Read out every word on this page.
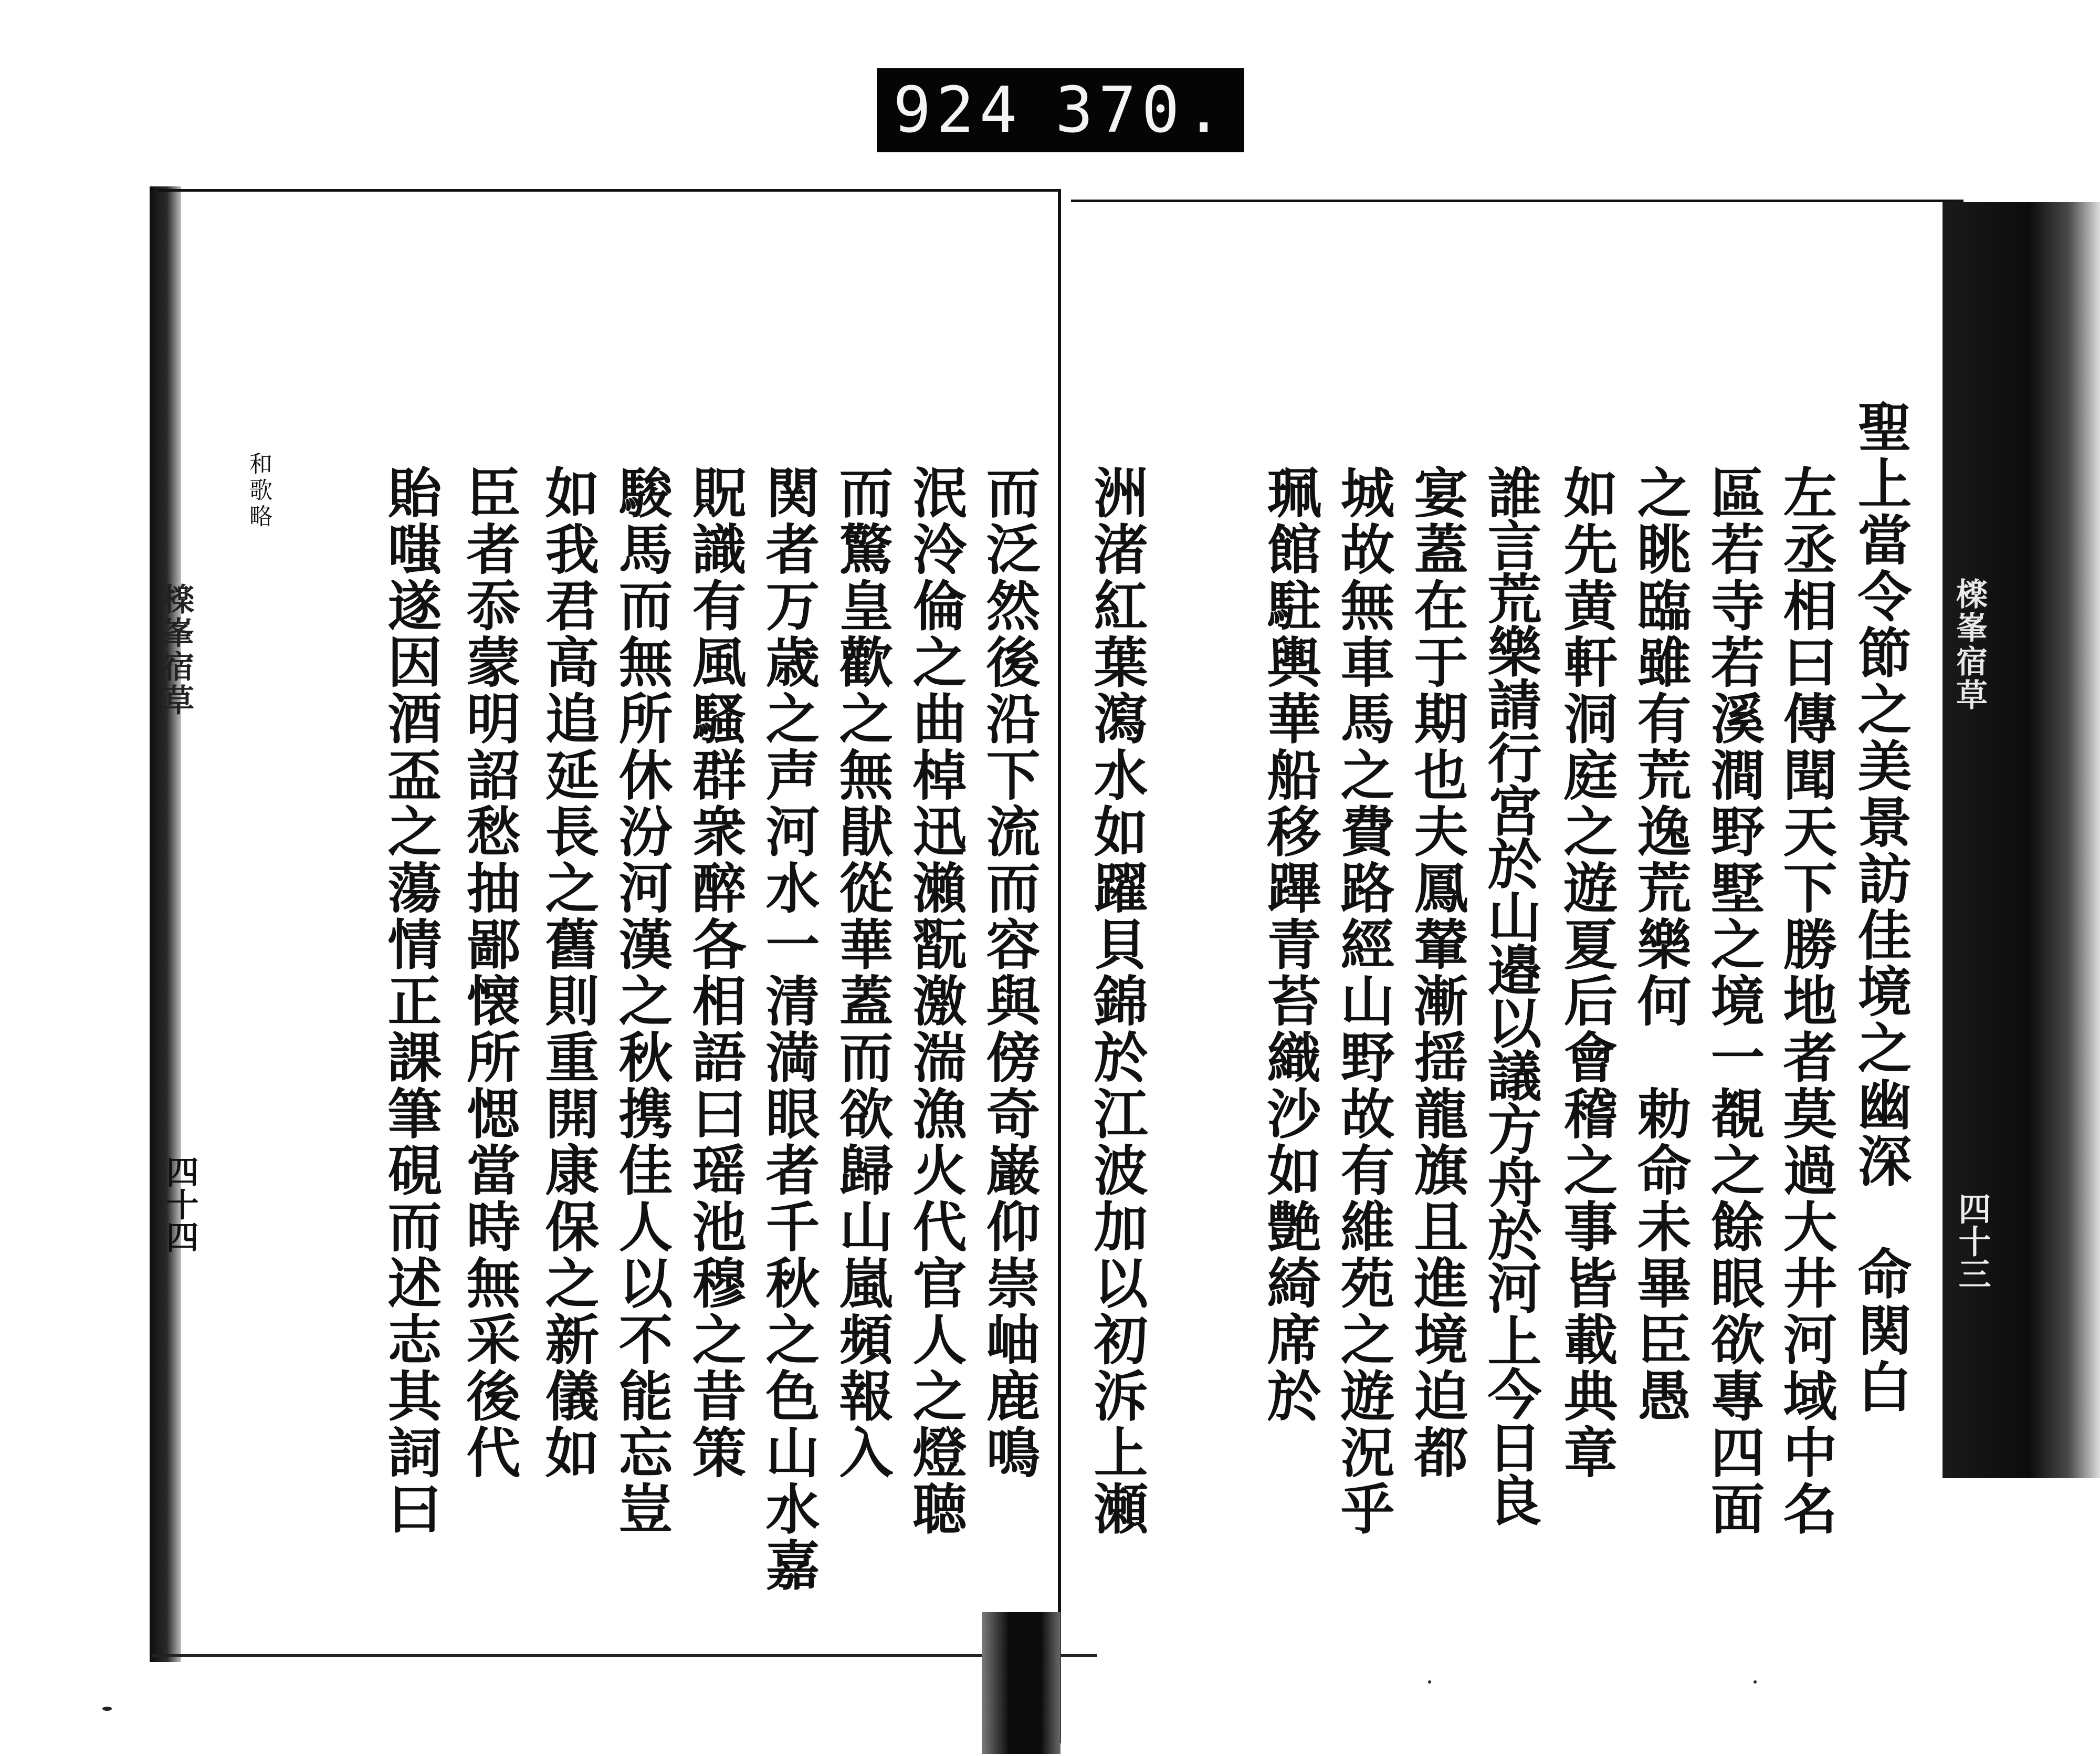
924 370.
檪峯宿草	檪峯宿草
四十四	四十三
聖上當令節之美景訪佳境之幽深　命関白
左丞相曰傳聞天下勝地者莫過大井河域中名
區若寺若溪澗野墅之境一覩之餘眼欲專四面
之眺臨雖有荒逸荒樂何　勅命未畢臣愚
如先黄軒洞庭之遊夏后會稽之事皆載典章
誰言荒樂請行宮於山邉以議方舟於河上今日良
宴蓋在于期也夫鳳輦漸揺龍旗且進境迫都
城故無車馬之費路經山野故有維苑之遊況乎
珮館駐輿華船移蹕青苔織沙如艶綺席於
洲渚紅葉瀉水如躍貝錦於江波加以初泝上瀬
而泛然後沿下流而容與傍奇巌仰崇岫鹿鳴
泯泠倫之曲棹迅瀨翫激湍漁火代官人之燈聴
而驚皇歡之無猒從華蓋而欲歸山嵐頻報入
関者万歳之声河水一清満眼者千秋之色山水嘉
貺識有風騷群衆醉各相語曰瑶池穆之昔策
駿馬而無所休汾河漢之秋携佳人以不能忘豈
如我君高追延長之舊則重開康保之新儀如
臣者忝蒙明詔愁抽鄙懐所愢當時無采後代
貽嗤遂因酒盃之蕩情正課筆硯而述志其詞曰
和歌略
